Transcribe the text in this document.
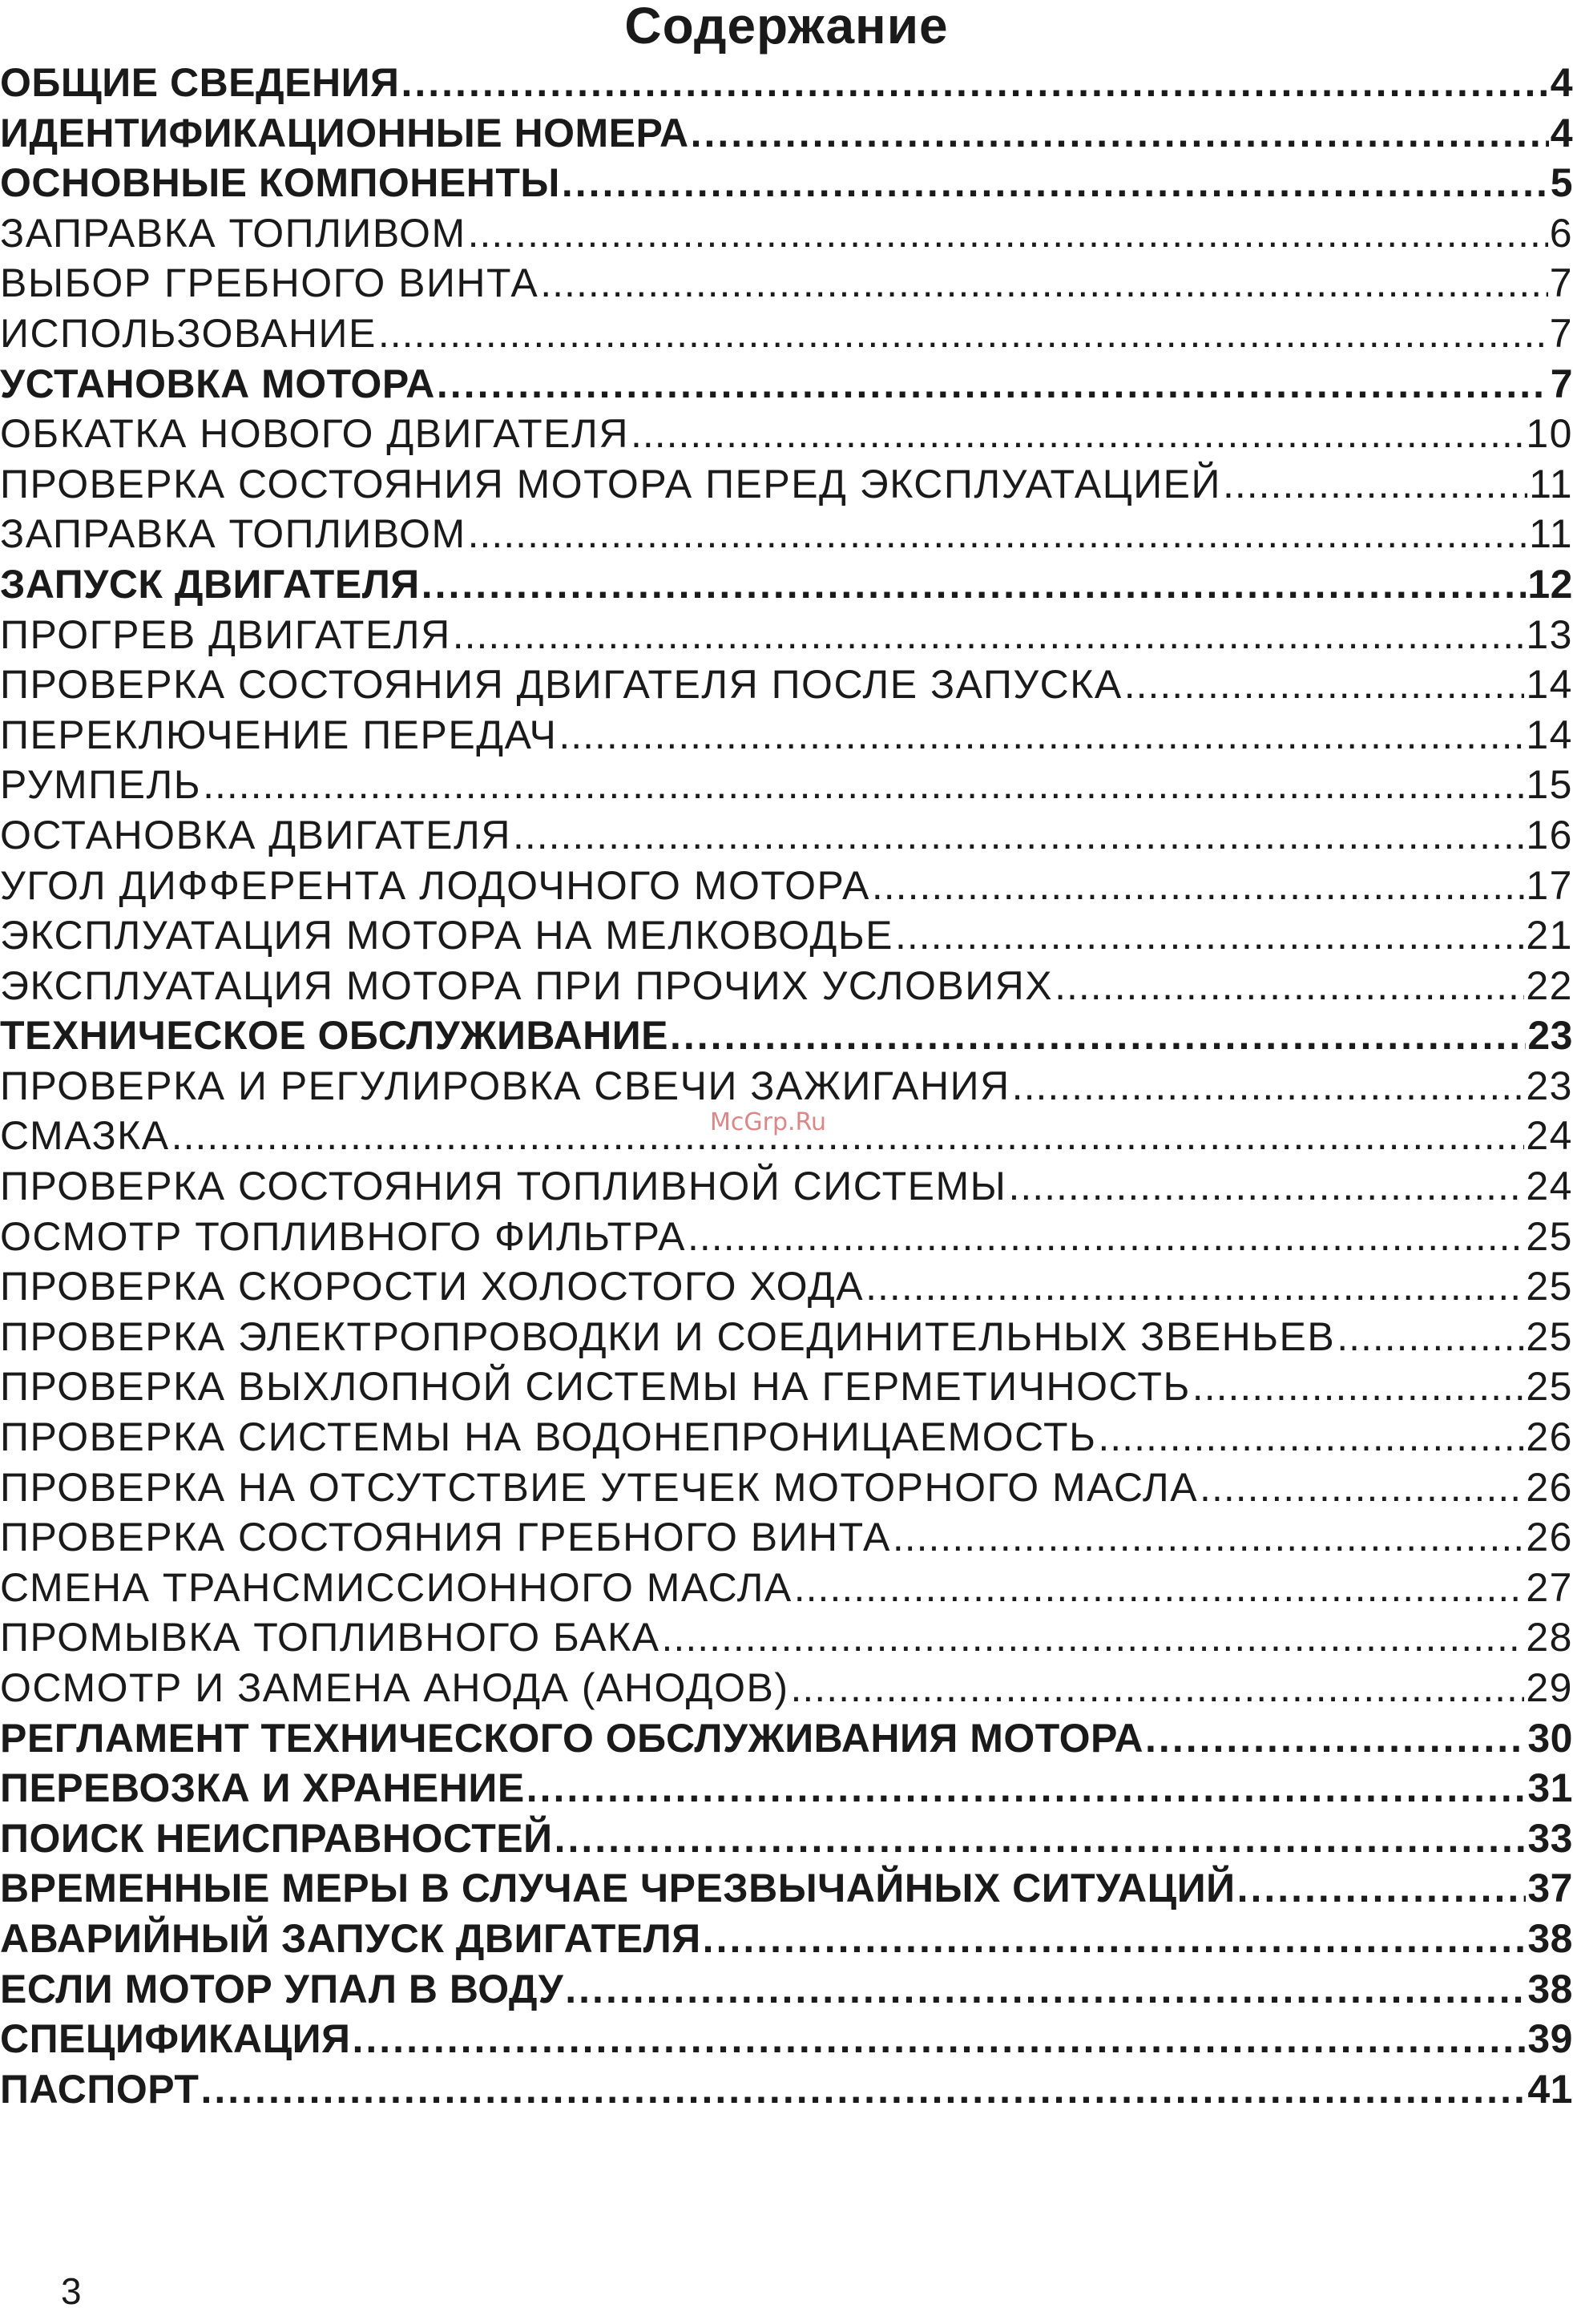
Содержание
ОБЩИЕ СВЕДЕНИЯ .....	4
ИДЕНТИФИКАЦИОННЫЕ НОМЕРА .....	4
ОСНОВНЫЕ КОМПОНЕНТЫ .....	5
ЗАПРАВКА ТОПЛИВОМ .....	6
ВЫБОР ГРЕБНОГО ВИНТА .....	7
ИСПОЛЬЗОВАНИЕ .....	7
УСТАНОВКА МОТОРА .....	7
ОБКАТКА НОВОГО ДВИГАТЕЛЯ .....	10
ПРОВЕРКА СОСТОЯНИЯ МОТОРА ПЕРЕД ЭКСПЛУАТАЦИЕЙ .....	11
ЗАПРАВКА ТОПЛИВОМ .....	11
ЗАПУСК ДВИГАТЕЛЯ .....	12
ПРОГРЕВ ДВИГАТЕЛЯ .....	13
ПРОВЕРКА СОСТОЯНИЯ ДВИГАТЕЛЯ ПОСЛЕ ЗАПУСКА .....	14
ПЕРЕКЛЮЧЕНИЕ ПЕРЕДАЧ .....	14
РУМПЕЛЬ .....	15
ОСТАНОВКА ДВИГАТЕЛЯ .....	16
УГОЛ ДИФФЕРЕНТА ЛОДОЧНОГО МОТОРА .....	17
ЭКСПЛУАТАЦИЯ МОТОРА НА МЕЛКОВОДЬЕ .....	21
ЭКСПЛУАТАЦИЯ МОТОРА ПРИ ПРОЧИХ УСЛОВИЯХ .....	22
ТЕХНИЧЕСКОЕ ОБСЛУЖИВАНИЕ .....	23
ПРОВЕРКА И РЕГУЛИРОВКА СВЕЧИ ЗАЖИГАНИЯ .....	23
СМАЗКА .....	24
ПРОВЕРКА СОСТОЯНИЯ ТОПЛИВНОЙ СИСТЕМЫ .....	24
ОСМОТР ТОПЛИВНОГО ФИЛЬТРА .....	25
ПРОВЕРКА СКОРОСТИ ХОЛОСТОГО ХОДА .....	25
ПРОВЕРКА ЭЛЕКТРОПРОВОДКИ И СОЕДИНИТЕЛЬНЫХ ЗВЕНЬЕВ .....	25
ПРОВЕРКА ВЫХЛОПНОЙ СИСТЕМЫ НА ГЕРМЕТИЧНОСТЬ .....	25
ПРОВЕРКА СИСТЕМЫ НА ВОДОНЕПРОНИЦАЕМОСТЬ .....	26
ПРОВЕРКА НА ОТСУТСТВИЕ УТЕЧЕК МОТОРНОГО МАСЛА .....	26
ПРОВЕРКА СОСТОЯНИЯ ГРЕБНОГО ВИНТА .....	26
СМЕНА ТРАНСМИССИОННОГО МАСЛА .....	27
ПРОМЫВКА ТОПЛИВНОГО БАКА .....	28
ОСМОТР И ЗАМЕНА АНОДА (АНОДОВ) .....	29
РЕГЛАМЕНТ ТЕХНИЧЕСКОГО ОБСЛУЖИВАНИЯ МОТОРА .....	30
ПЕРЕВОЗКА И ХРАНЕНИЕ .....	31
ПОИСК НЕИСПРАВНОСТЕЙ .....	33
ВРЕМЕННЫЕ МЕРЫ В СЛУЧАЕ ЧРЕЗВЫЧАЙНЫХ СИТУАЦИЙ .....	37
АВАРИЙНЫЙ ЗАПУСК ДВИГАТЕЛЯ .....	38
ЕСЛИ МОТОР УПАЛ В ВОДУ .....	38
СПЕЦИФИКАЦИЯ .....	39
ПАСПОРТ .....	41
McGrp.Ru
3
